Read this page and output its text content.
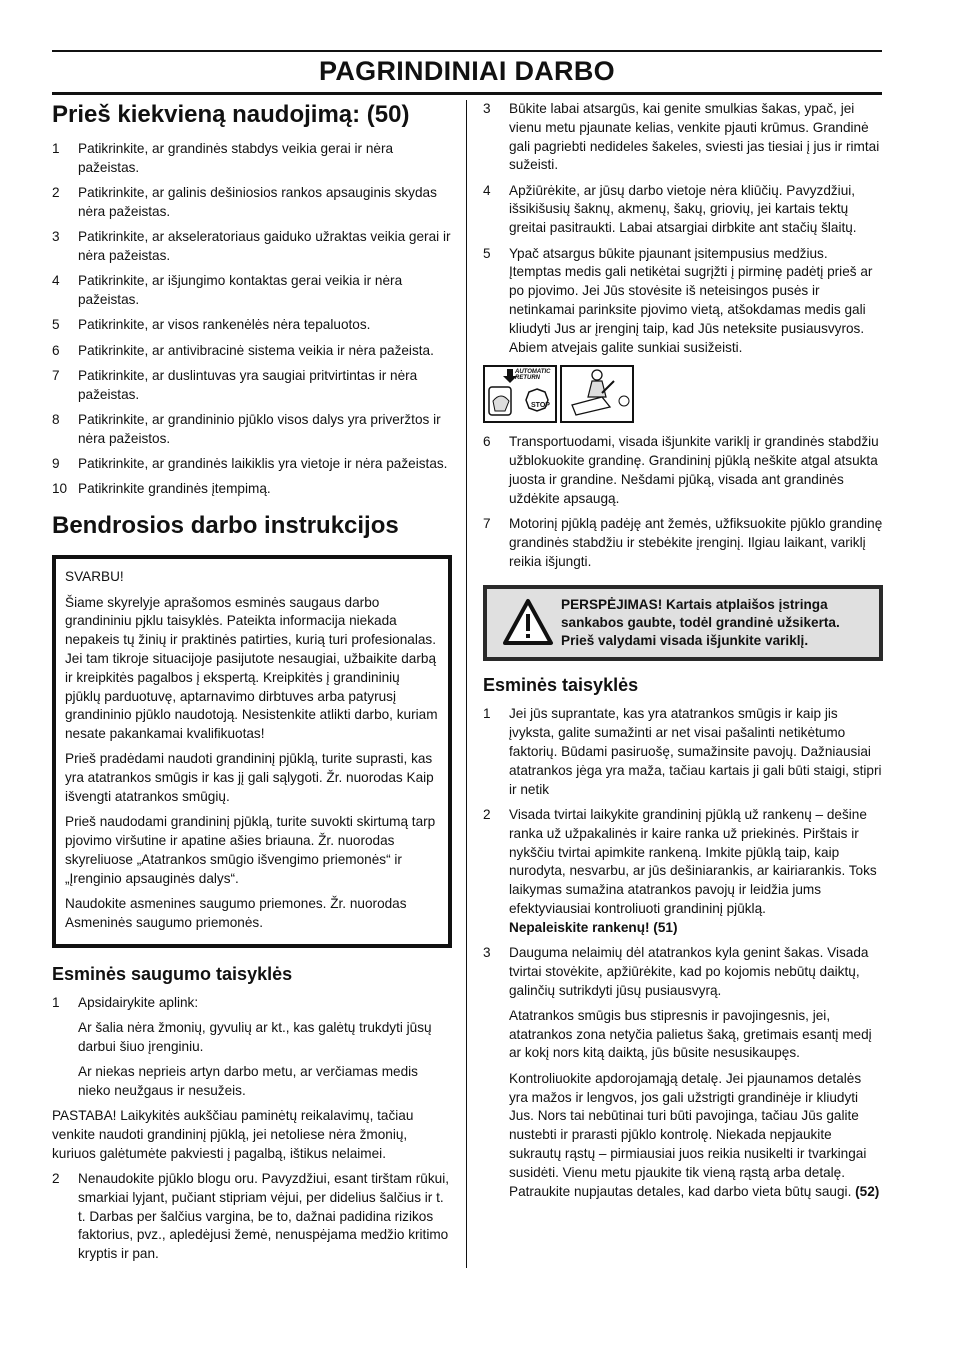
PAGRINDINIAI DARBO
Prieš kiekvieną naudojimą: (50)
1	Patikrinkite, ar grandinės stabdys veikia gerai ir nėra pažeistas.
2	Patikrinkite, ar galinis dešiniosios rankos apsauginis skydas nėra pažeistas.
3	Patikrinkite, ar akseleratoriaus gaiduko užraktas veikia gerai ir nėra pažeistas.
4	Patikrinkite, ar išjungimo kontaktas gerai veikia ir nėra pažeistas.
5	Patikrinkite, ar visos rankenėlės nėra tepaluotos.
6	Patikrinkite, ar antivibracinė sistema veikia ir nėra pažeista.
7	Patikrinkite, ar duslintuvas yra saugiai pritvirtintas ir nėra pažeistas.
8	Patikrinkite, ar grandininio pjūklo visos dalys yra priveržtos ir nėra pažeistos.
9	Patikrinkite, ar grandinės laikiklis yra vietoje ir nėra pažeistas.
10 Patikrinkite grandinės įtempimą.
Bendrosios darbo instrukcijos

SVARBU!

Šiame skyrelyje aprašomos esminės saugaus darbo grandininiu pjklu taisyklės. Pateikta informacija niekada nepakeis tų žinių ir praktinės patirties, kurią turi profesionalas. Jei tam tikroje situacijoje pasijutote nesaugiai, užbaikite darbą ir kreipkitės pagalbos į ekspertą. Kreipkitės į grandininių pjūklų parduotuvę, aptarnavimo dirbtuves arba patyrusį grandininio pjūklo naudotoją. Nesistenkite atlikti darbo, kuriam nesate pakankamai kvalifikuotas!

Prieš pradėdami naudoti grandininį pjūklą, turite suprasti, kas yra atatrankos smūgis ir kas jį gali sąlygoti. Žr. nuorodas Kaip išvengti atatrankos smūgių.

Prieš naudodami grandininį pjūklą, turite suvokti skirtumą tarp pjovimo viršutine ir apatine ašies briauna. Žr. nuorodas skyreliuose „Atatrankos smūgio išvengimo priemonės“ ir „Įrenginio apsauginės dalys“.

Naudokite asmenines saugumo priemones. Žr. nuorodas Asmeninės saugumo priemonės.

Esminės saugumo taisyklės
1	Apsidairykite aplink:

Ar šalia nėra žmonių, gyvulių ar kt., kas galėtų trukdyti jūsų darbui šiuo įrenginiu.

Ar niekas neprieis artyn darbo metu, ar verčiamas medis nieko neužgaus ir nesužeis.

PASTABA! Laikykitės aukščiau paminėtų reikalavimų, tačiau venkite naudoti grandininį pjūklą, jei netoliese nėra žmonių, kuriuos galėtumėte pakviesti į pagalbą, ištikus nelaimei.

2	Nenaudokite pjūklo blogu oru. Pavyzdžiui, esant tirštam rūkui, smarkiai lyjant, pučiant stipriam vėjui, per didelius šalčius ir t. t. Darbas per šalčius vargina, be to, dažnai padidina rizikos faktorius, pvz., apledėjusi žemė, nenuspėjama medžio kritimo kryptis ir pan.
3	Būkite labai atsargūs, kai genite smulkias šakas, ypač, jei vienu metu pjaunate kelias, venkite pjauti krūmus. Grandinė gali pagriebti nedideles šakeles, sviesti jas tiesiai į jus ir rimtai sužeisti.
4	Apžiūrėkite, ar jūsų darbo vietoje nėra kliūčių. Pavyzdžiui, išsikišusių šaknų, akmenų, šakų, griovių, jei kartais tektų greitai pasitraukti. Labai atsargiai dirbkite ant stačių šlaitų.
5	Ypač atsargus būkite pjaunant įsitempusius medžius. Įtemptas medis gali netikėtai sugrįžti į pirminę padėtį prieš ar po pjovimo. Jei Jūs stovėsite iš neteisingos pusės ir netinkamai parinksite pjovimo vietą, atšokdamas medis gali kliudyti Jus ar įrenginį taip, kad Jūs neteksite pusiausvyros. Abiem atvejais galite sunkiai susižeisti.
AUTOMATIC RETURN
STOP
6	Transportuodami, visada išjunkite variklį ir grandinės stabdžiu užblokuokite grandinę. Grandininį pjūklą neškite atgal atsukta juosta ir grandine. Nešdami pjūką, visada ant grandinės uždėkite apsaugą.
7	Motorinį pjūklą padėję ant žemės, užfiksuokite pjūklo grandinę grandinės stabdžiu ir stebėkite įrenginį. Ilgiau laikant, variklį reikia išjungti.
PERSPĖJIMAS! Kartais atplaišos įstringa sankabos gaubte, todėl grandinė užsikerta. Prieš valydami visada išjunkite variklį.
Esminės taisyklės
1	Jei jūs suprantate, kas yra atatrankos smūgis ir kaip jis įvyksta, galite sumažinti ar net visai pašalinti netikėtumo faktorių. Būdami pasiruošę, sumažinsite pavojų. Dažniausiai atatrankos jėga yra maža, tačiau kartais ji gali būti staigi, stipri ir netik
2	Visada tvirtai laikykite grandininį pjūklą už rankenų – dešine ranka už užpakalinės ir kaire ranka už priekinės. Pirštais ir nykščiu tvirtai apimkite rankeną. Imkite pjūklą taip, kaip nurodyta, nesvarbu, ar jūs dešiniarankis, ar kairiarankis. Toks laikymas sumažina atatrankos pavojų ir leidžia jums efektyviausiai kontroliuoti grandininį pjūklą.
Nepaleiskite rankenų! (51)
3	Dauguma nelaimių dėl atatrankos kyla genint šakas. Visada tvirtai stovėkite, apžiūrėkite, kad po kojomis nebūtų daiktų, galinčių sutrikdyti jūsų pusiausvyrą.

Atatrankos smūgis bus stipresnis ir pavojingesnis, jei, atatrankos zona netyčia palietus šaką, gretimais esantį medį ar kokį nors kitą daiktą, jūs būsite nesusikaupęs.

Kontroliuokite apdorojamąją detalę. Jei pjaunamos detalės yra mažos ir lengvos, jos gali užstrigti grandinėje ir kliudyti Jus. Nors tai nebūtinai turi būti pavojinga, tačiau Jūs galite nustebti ir prarasti pjūklo kontrolę. Niekada nepjaukite sukrautų rąstų – pirmiausiai juos reikia nusikelti ir tvarkingai susidėti. Vienu metu pjaukite tik vieną rąstą arba detalę. Patraukite nupjautas detales, kad darbo vieta būtų saugi. (52)
